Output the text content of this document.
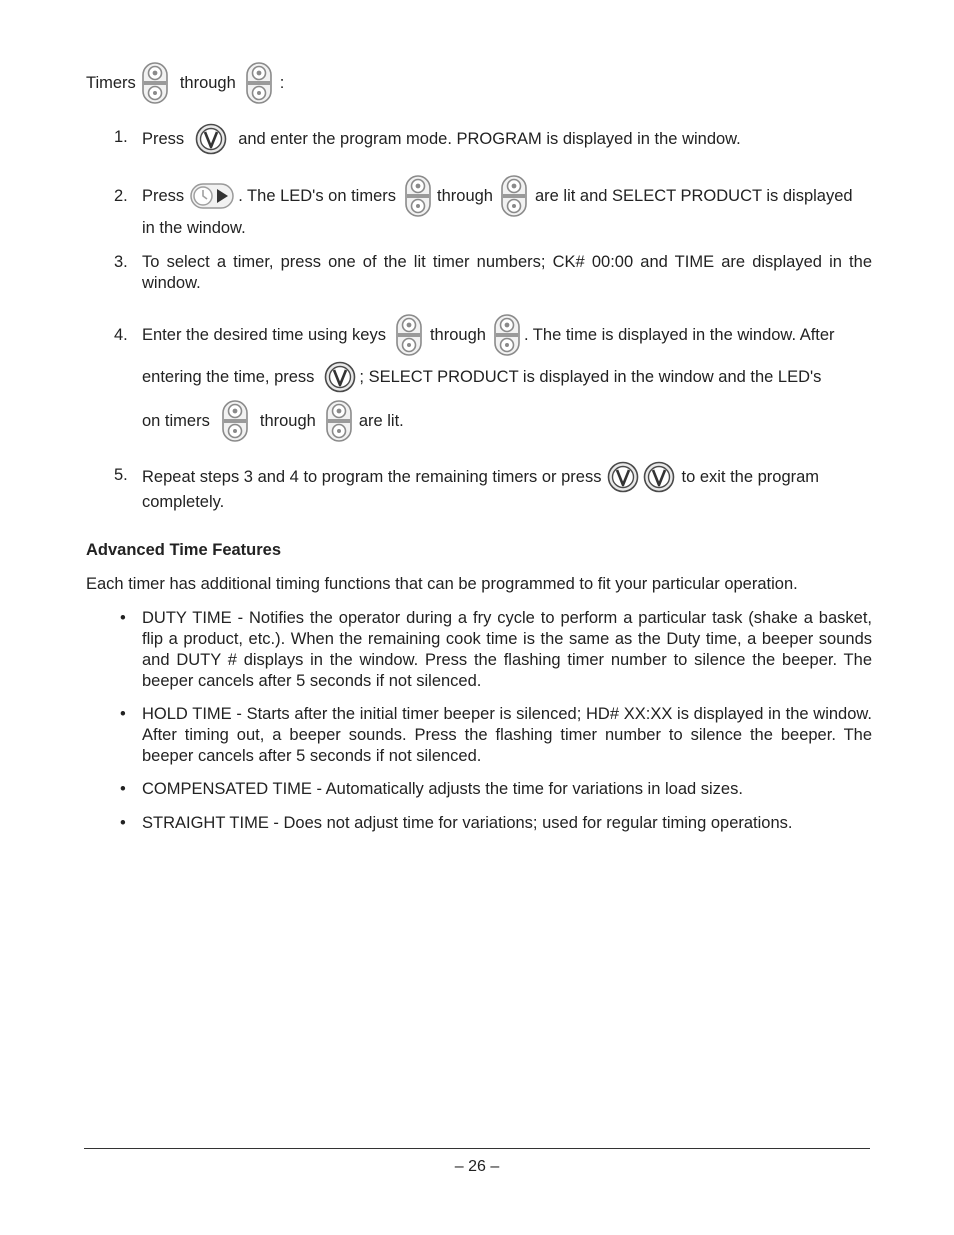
Timers	through	:
1. Press	and enter the program mode. PROGRAM is displayed in the window.
2. Press	. The LED's on timers through	are lit and SELECT PRODUCT is displayed
in the window.
3. To select a timer, press one of the lit timer numbers; CK# 00:00 and TIME are displayed in the window.
4. Enter the desired time using keys	through . The time is displayed in the window. After
entering the time, press	; SELECT PRODUCT is displayed in the window and the LED's
on timers	through	are lit.
5. Repeat steps 3 and 4 to program the remaining timers or press	to exit the program
completely.
Advanced Time Features
Each timer has additional timing functions that can be programmed to fit your particular operation.
• DUTY TIME - Notifies the operator during a fry cycle to perform a particular task (shake a basket, flip a product, etc.). When the remaining cook time is the same as the Duty time, a beeper sounds and DUTY # displays in the window. Press the flashing timer number to silence the beeper. The beeper cancels after 5 seconds if not silenced.
• HOLD TIME - Starts after the initial timer beeper is silenced; HD# XX:XX is displayed in the window. After timing out, a beeper sounds. Press the flashing timer number to silence the beeper. The beeper cancels after 5 seconds if not silenced.
• COMPENSATED TIME - Automatically adjusts the time for variations in load sizes.
• STRAIGHT TIME - Does not adjust time for variations; used for regular timing operations.
– 26 –
